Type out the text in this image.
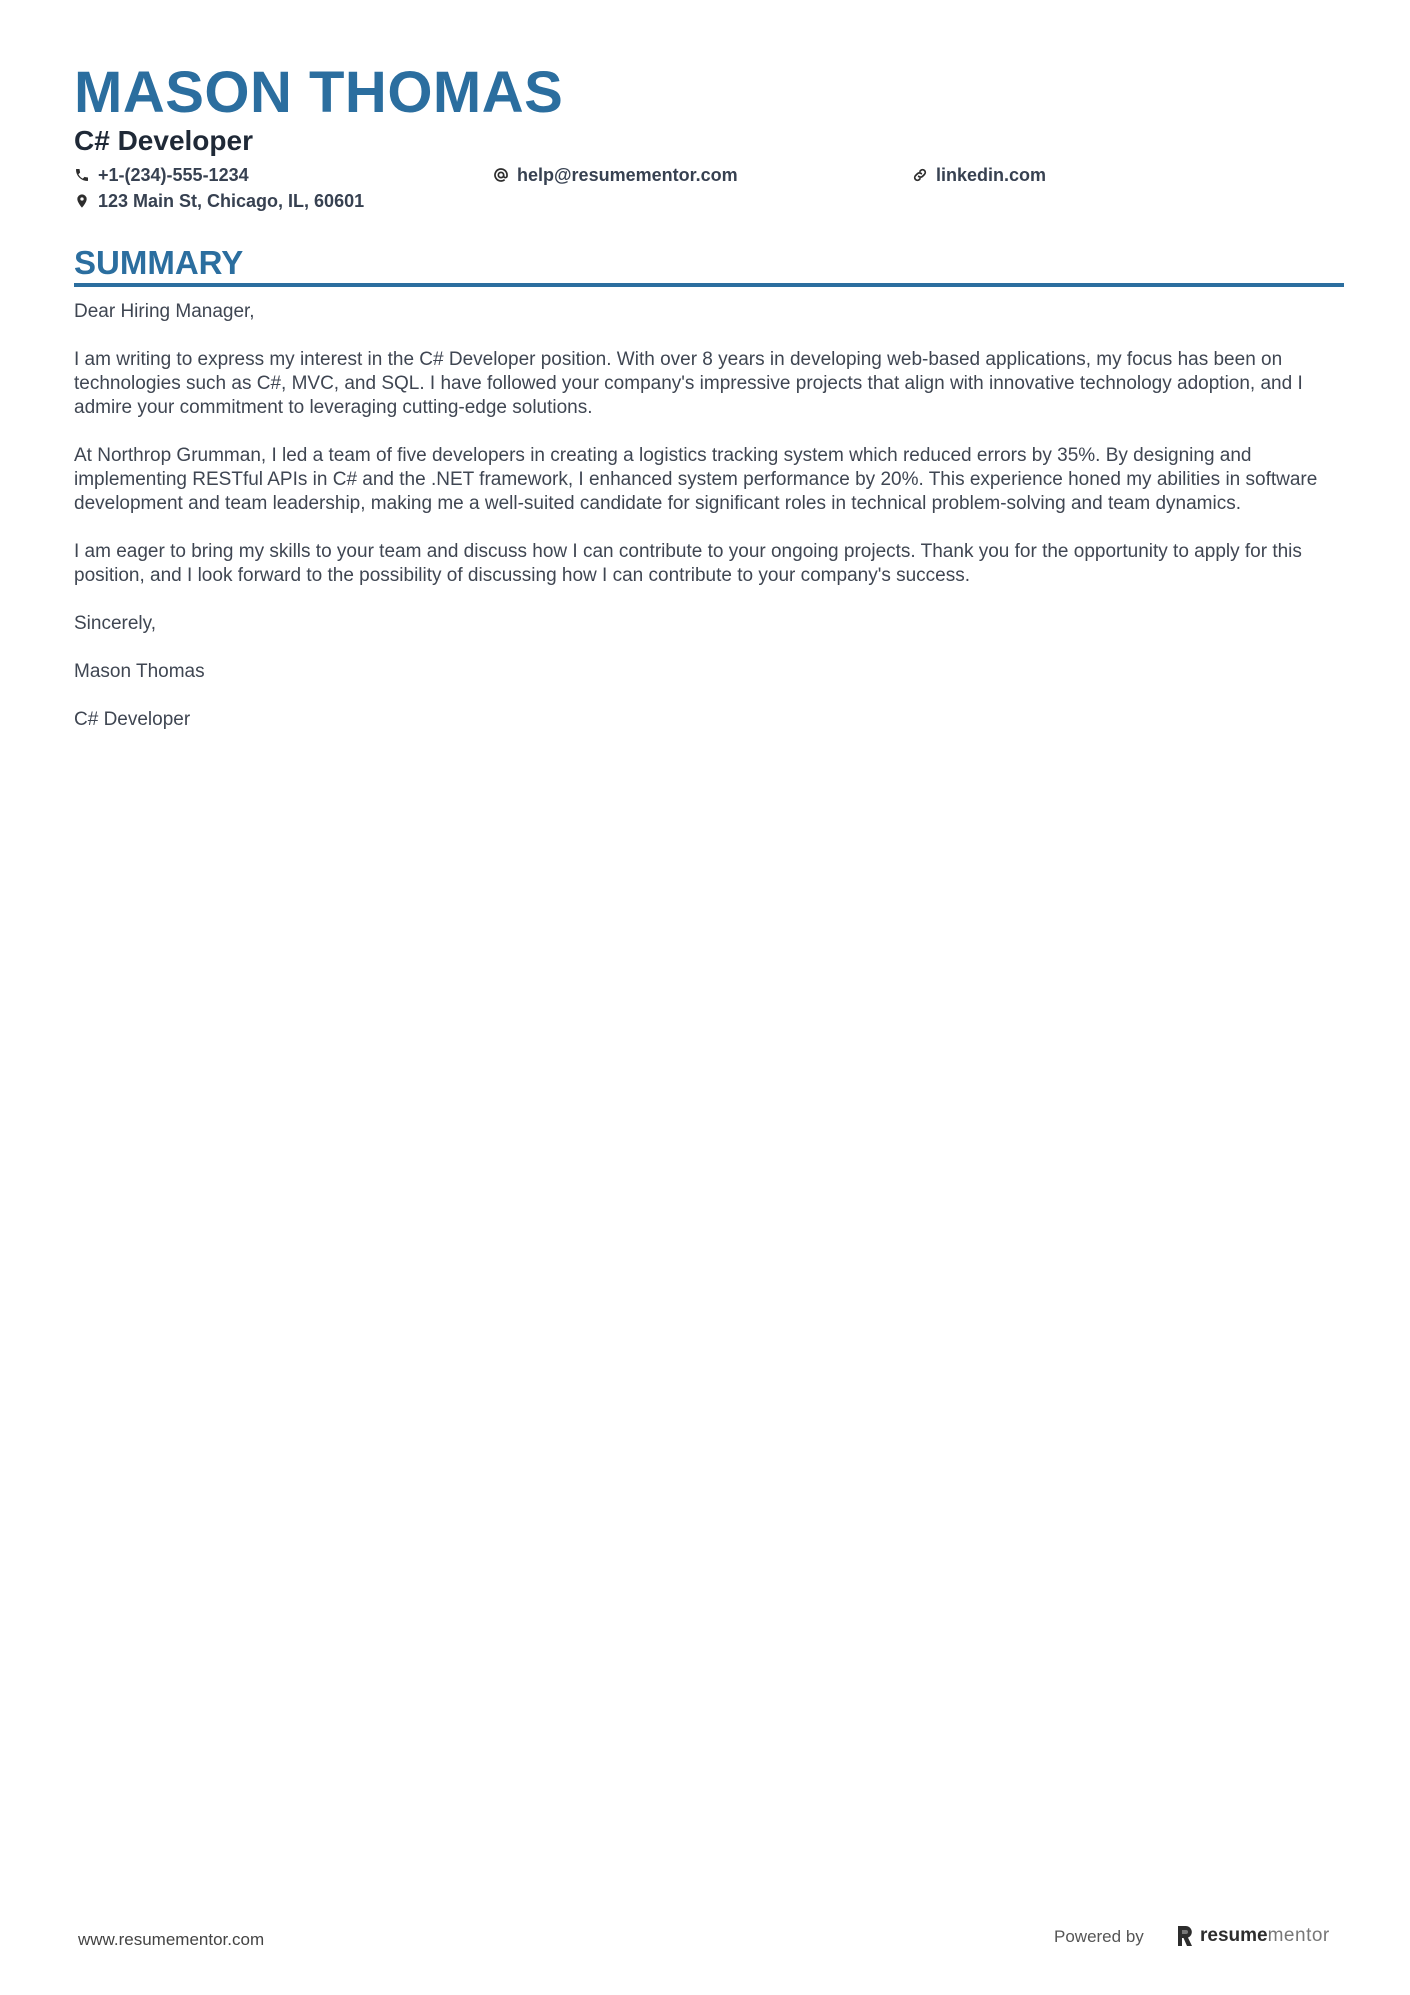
MASON THOMAS
C# Developer
+1-(234)-555-1234	help@resumementor.com	linkedin.com
123 Main St, Chicago, IL, 60601
SUMMARY

Dear Hiring Manager,

I am writing to express my interest in the C# Developer position. With over 8 years in developing web-based applications, my focus has been on technologies such as C#, MVC, and SQL. I have followed your company's impressive projects that align with innovative technology adoption, and I admire your commitment to leveraging cutting-edge solutions.

At Northrop Grumman, I led a team of five developers in creating a logistics tracking system which reduced errors by 35%. By designing and implementing RESTful APIs in C# and the .NET framework, I enhanced system performance by 20%. This experience honed my abilities in software development and team leadership, making me a well-suited candidate for significant roles in technical problem-solving and team dynamics.

I am eager to bring my skills to your team and discuss how I can contribute to your ongoing projects. Thank you for the opportunity to apply for this position, and I look forward to the possibility of discussing how I can contribute to your company's success.

Sincerely,

Mason Thomas

C# Developer

www.resumementor.com	Powered by	resumementor
